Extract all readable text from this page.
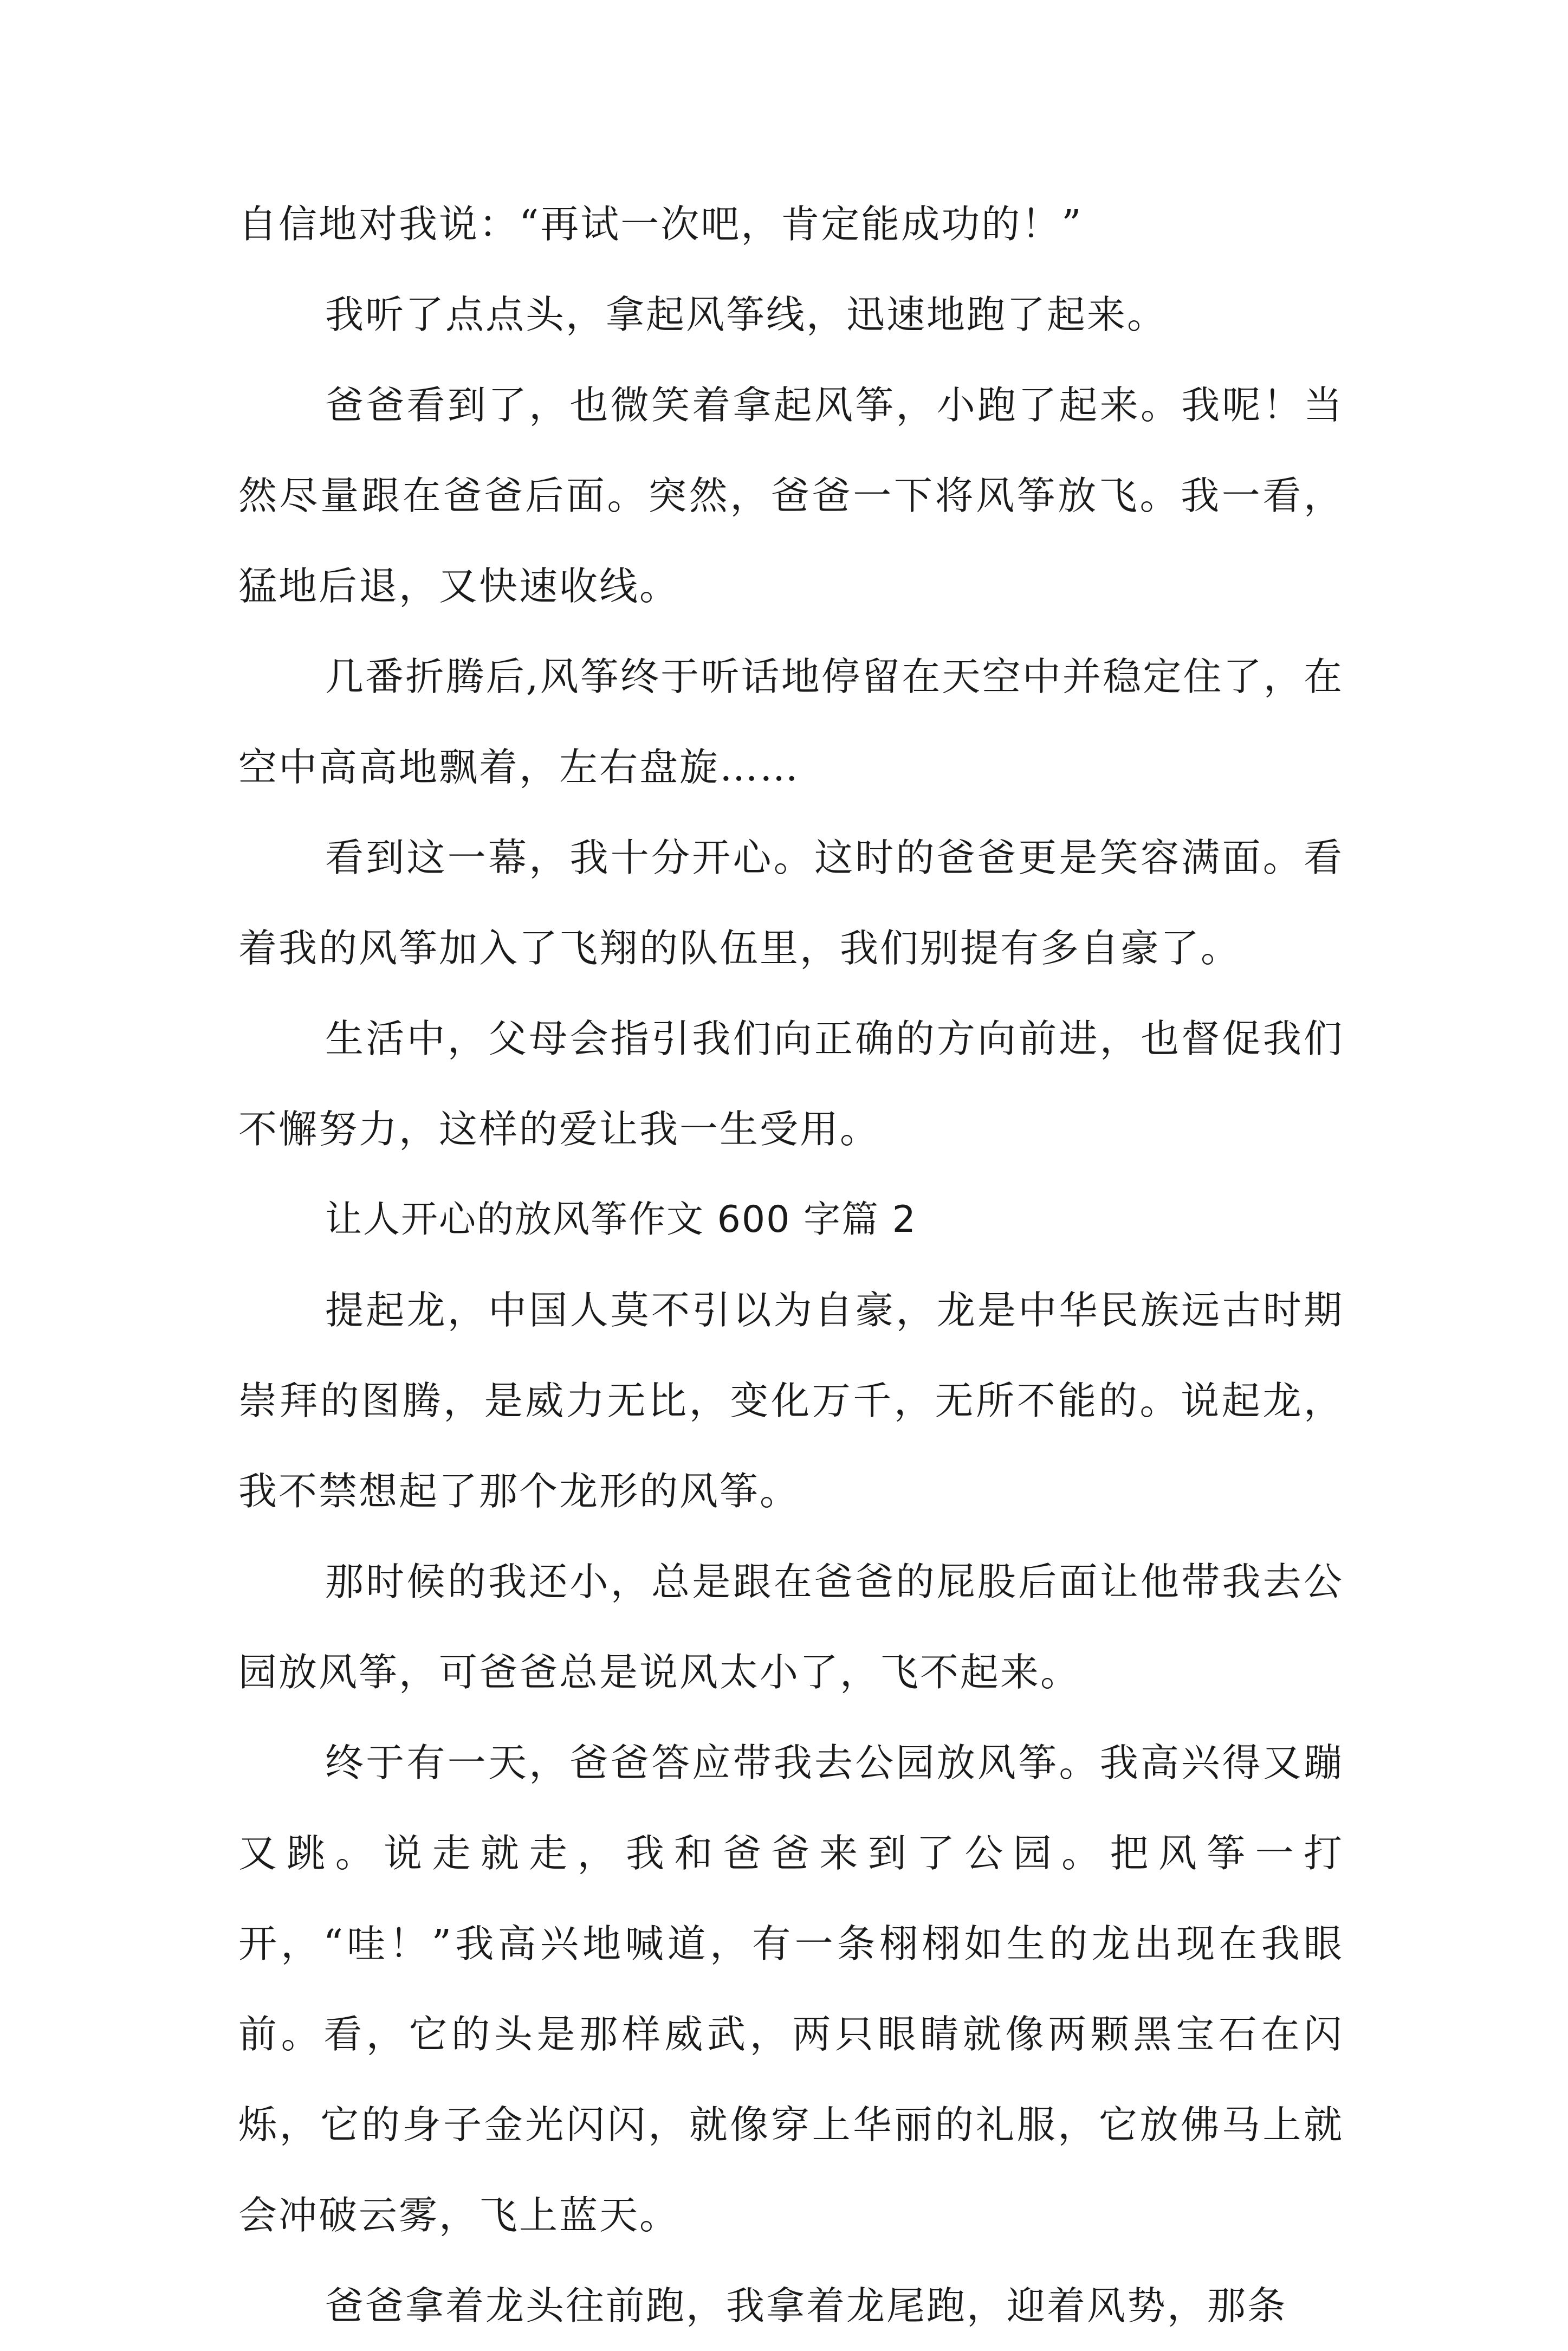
自信地对我说：“再试一次吧，肯定能成功的！”

我听了点点头，拿起风筝线，迅速地跑了起来。

爸爸看到了，也微笑着拿起风筝，小跑了起来。我呢！当然尽量跟在爸爸后面。突然，爸爸一下将风筝放飞。我一看，猛地后退，又快速收线。

几番折腾后,风筝终于听话地停留在天空中并稳定住了，在空中高高地飘着，左右盘旋……

看到这一幕，我十分开心。这时的爸爸更是笑容满面。看着我的风筝加入了飞翔的队伍里，我们别提有多自豪了。

生活中，父母会指引我们向正确的方向前进，也督促我们不懈努力，这样的爱让我一生受用。

让人开心的放风筝作文 600 字篇 2

提起龙，中国人莫不引以为自豪，龙是中华民族远古时期崇拜的图腾，是威力无比，变化万千，无所不能的。说起龙，我不禁想起了那个龙形的风筝。

那时候的我还小，总是跟在爸爸的屁股后面让他带我去公园放风筝，可爸爸总是说风太小了，飞不起来。

终于有一天，爸爸答应带我去公园放风筝。我高兴得又蹦又跳。说走就走，我和爸爸来到了公园。把风筝一打开，“哇！”我高兴地喊道，有一条栩栩如生的龙出现在我眼前。看，它的头是那样威武，两只眼睛就像两颗黑宝石在闪烁，它的身子金光闪闪，就像穿上华丽的礼服，它放佛马上就会冲破云雾，飞上蓝天。

爸爸拿着龙头往前跑，我拿着龙尾跑，迎着风势，那条
